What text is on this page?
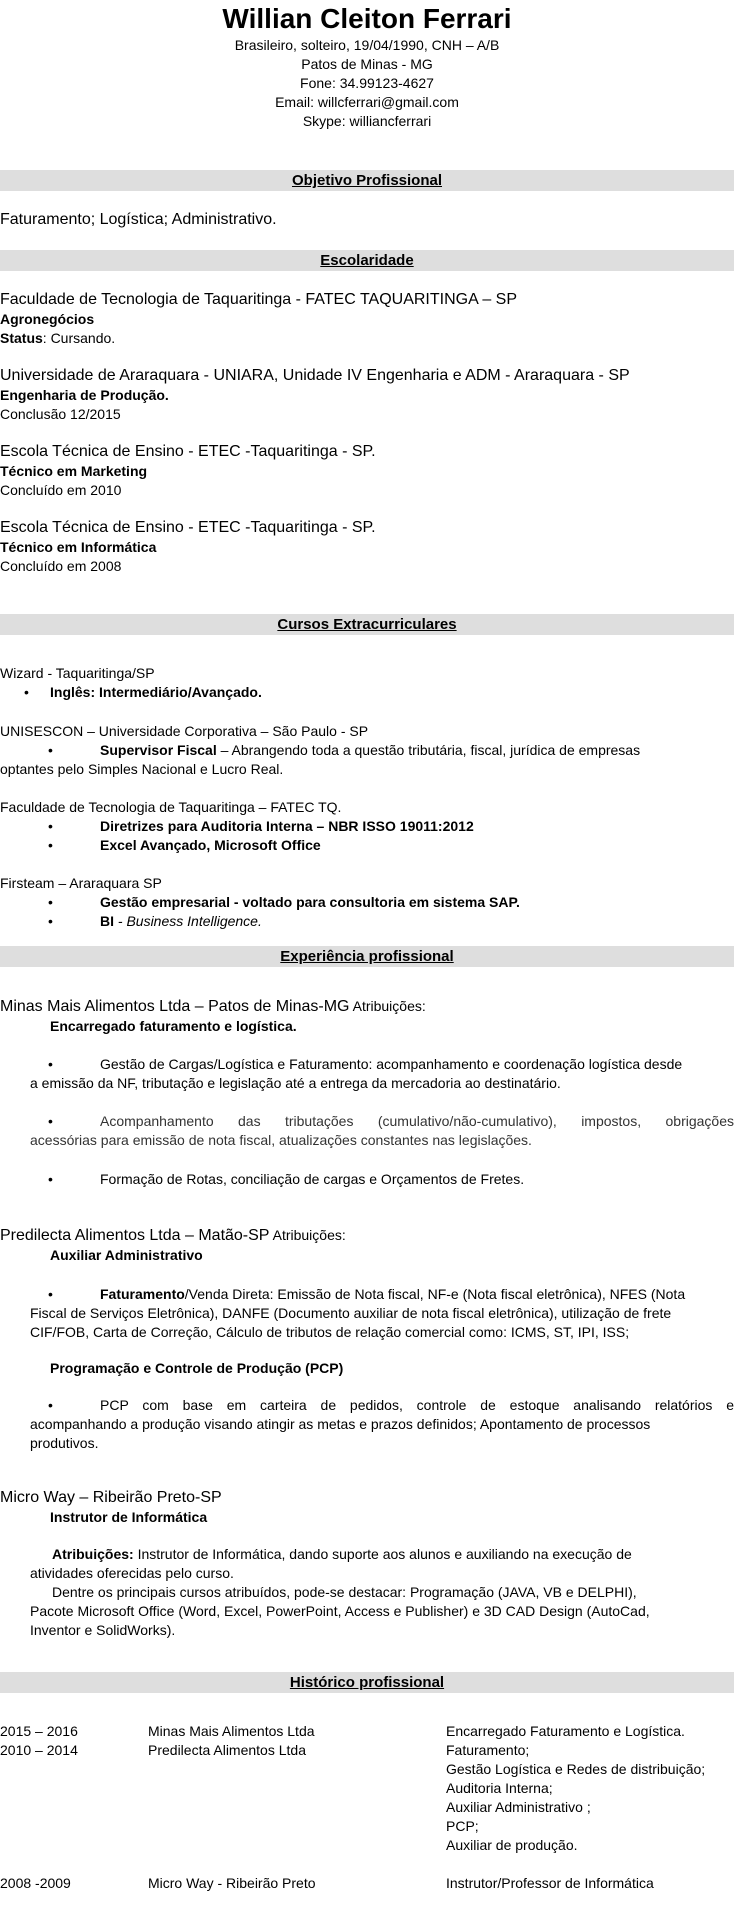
Willian Cleiton Ferrari
Brasileiro, solteiro, 19/04/1990, CNH – A/B
Patos de Minas - MG
Fone: 34.99123-4627
Email: willcferrari@gmail.com
Skype: williancferrari
Objetivo Profissional
Faturamento; Logística; Administrativo.
Escolaridade
Faculdade de Tecnologia de Taquaritinga - FATEC TAQUARITINGA – SP
Agronegócios
Status: Cursando.
Universidade de Araraquara - UNIARA, Unidade IV Engenharia e ADM - Araraquara - SP
Engenharia de Produção.
Conclusão 12/2015
Escola Técnica de Ensino - ETEC -Taquaritinga - SP.
Técnico em Marketing
Concluído em 2010
Escola Técnica de Ensino - ETEC -Taquaritinga - SP.
Técnico em Informática
Concluído em 2008
Cursos Extracurriculares
Wizard - Taquaritinga/SP
• Inglês: Intermediário/Avançado.
UNISESCON – Universidade Corporativa – São Paulo - SP
•	Supervisor Fiscal – Abrangendo toda a questão tributária, fiscal, jurídica de empresas
optantes pelo Simples Nacional e Lucro Real.
Faculdade de Tecnologia de Taquaritinga – FATEC TQ.
•	Diretrizes para Auditoria Interna – NBR ISSO 19011:2012
•	Excel Avançado, Microsoft Office
Firsteam – Araraquara SP
•	Gestão empresarial - voltado para consultoria em sistema SAP.
•	BI - Business Intelligence.
Experiência profissional
Minas Mais Alimentos Ltda – Patos de Minas-MG Atribuições:
Encarregado faturamento e logística.
•	Gestão de Cargas/Logística e Faturamento: acompanhamento e coordenação logística desde
a emissão da NF, tributação e legislação até a entrega da mercadoria ao destinatário.
•	Acompanhamento das tributações (cumulativo/não-cumulativo), impostos, obrigações
acessórias para emissão de nota fiscal, atualizações constantes nas legislações.
•	Formação de Rotas, conciliação de cargas e Orçamentos de Fretes.
Predilecta Alimentos Ltda – Matão-SP Atribuições:
Auxiliar Administrativo
•	Faturamento/Venda Direta: Emissão de Nota fiscal, NF-e (Nota fiscal eletrônica), NFES (Nota
Fiscal de Serviços Eletrônica), DANFE (Documento auxiliar de nota fiscal eletrônica), utilização de frete
CIF/FOB, Carta de Correção, Cálculo de tributos de relação comercial como: ICMS, ST, IPI, ISS;
Programação e Controle de Produção (PCP)
•	PCP com base em carteira de pedidos, controle de estoque analisando relatórios e
acompanhando a produção visando atingir as metas e prazos definidos; Apontamento de processos
produtivos.
Micro Way – Ribeirão Preto-SP
Instrutor de Informática
Atribuições: Instrutor de Informática, dando suporte aos alunos e auxiliando na execução de
atividades oferecidas pelo curso.
Dentre os principais cursos atribuídos, pode-se destacar: Programação (JAVA, VB e DELPHI),
Pacote Microsoft Office (Word, Excel, PowerPoint, Access e Publisher) e 3D CAD Design (AutoCad,
Inventor e SolidWorks).
Histórico profissional
2015 – 2016	Minas Mais Alimentos Ltda	Encarregado Faturamento e Logística.
2010 – 2014	Predilecta Alimentos Ltda	Faturamento;
Gestão Logística e Redes de distribuição;
Auditoria Interna;
Auxiliar Administrativo ;
PCP;
Auxiliar de produção.
2008 -2009	Micro Way - Ribeirão Preto	Instrutor/Professor de Informática
